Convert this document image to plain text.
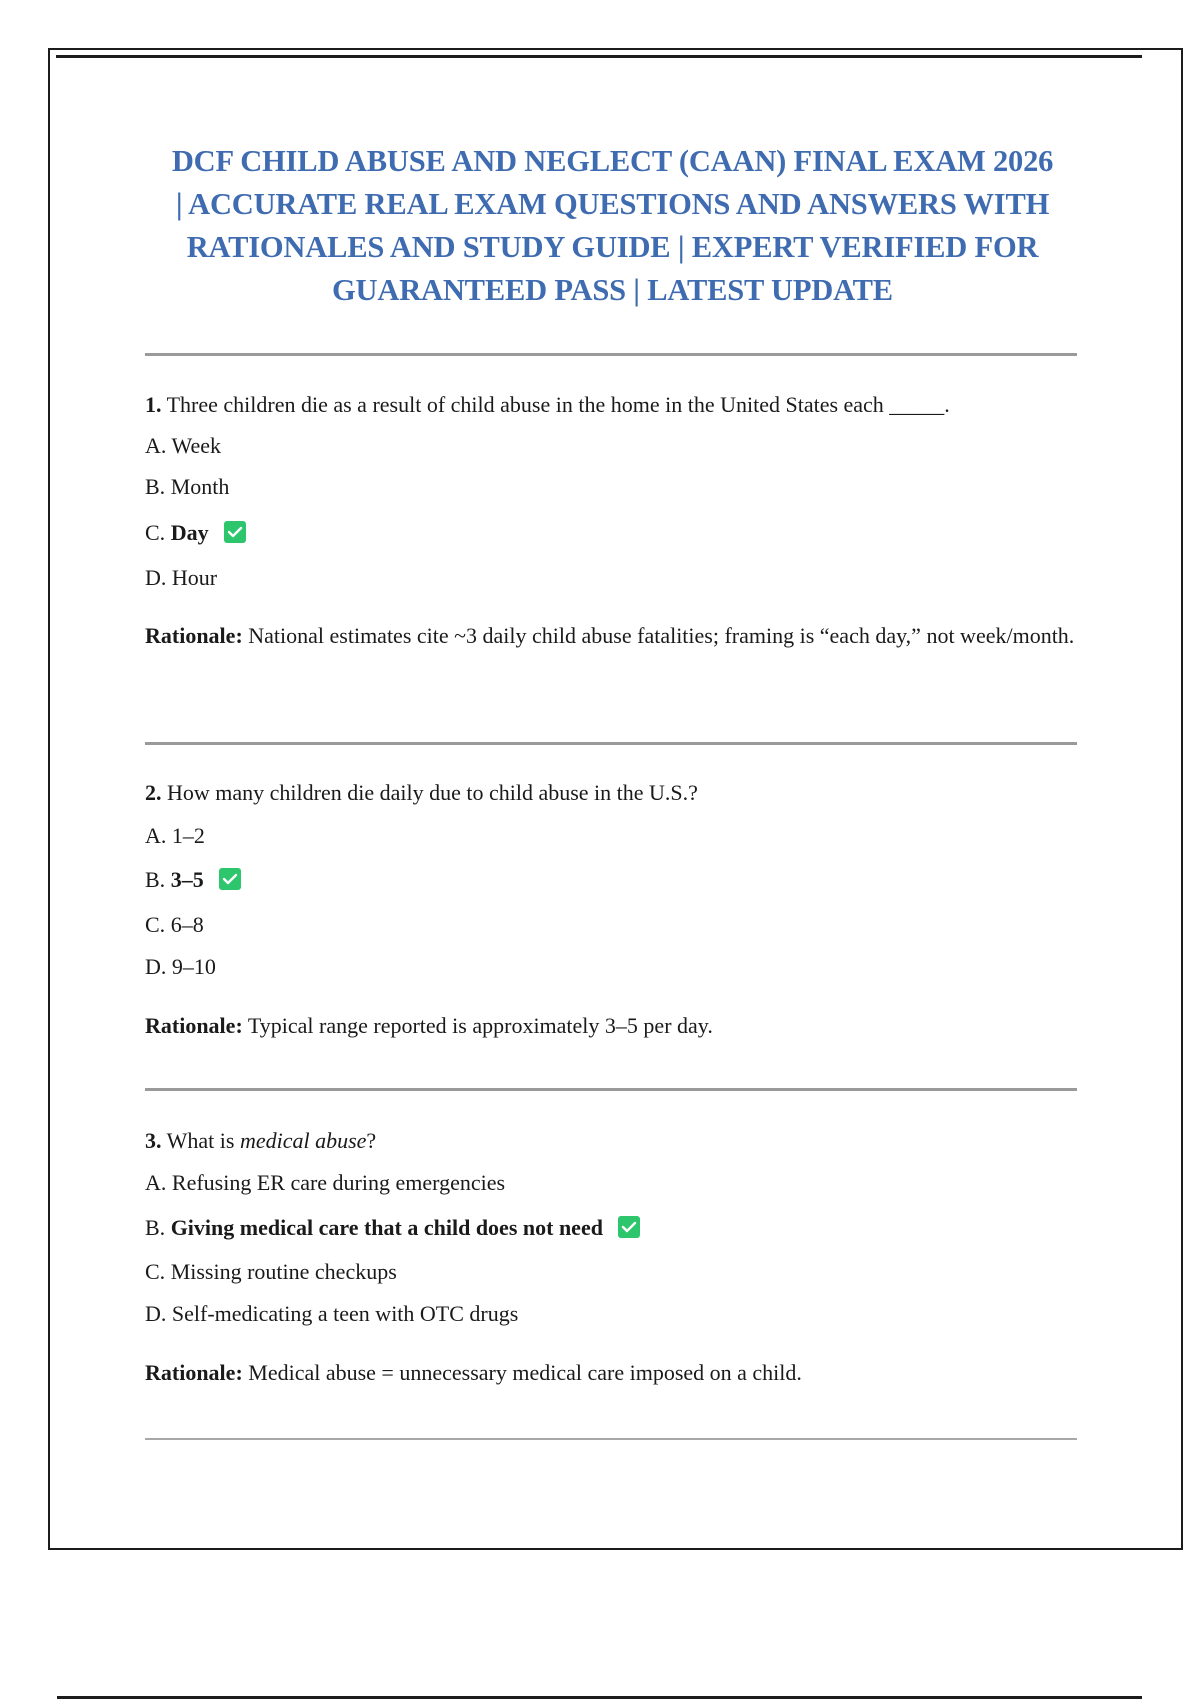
DCF CHILD ABUSE AND NEGLECT (CAAN) FINAL EXAM 2026
| ACCURATE REAL EXAM QUESTIONS AND ANSWERS WITH
RATIONALES AND STUDY GUIDE | EXPERT VERIFIED FOR
GUARANTEED PASS | LATEST UPDATE
1. Three children die as a result of child abuse in the home in the United States each _____.
A. Week
B. Month
C. Day
D. Hour
Rationale: National estimates cite ~3 daily child abuse fatalities; framing is “each day,” not week/month.
2. How many children die daily due to child abuse in the U.S.?
A. 1–2
B. 3–5
C. 6–8
D. 9–10
Rationale: Typical range reported is approximately 3–5 per day.
3. What is medical abuse?
A. Refusing ER care during emergencies
B. Giving medical care that a child does not need
C. Missing routine checkups
D. Self-medicating a teen with OTC drugs
Rationale: Medical abuse = unnecessary medical care imposed on a child.
